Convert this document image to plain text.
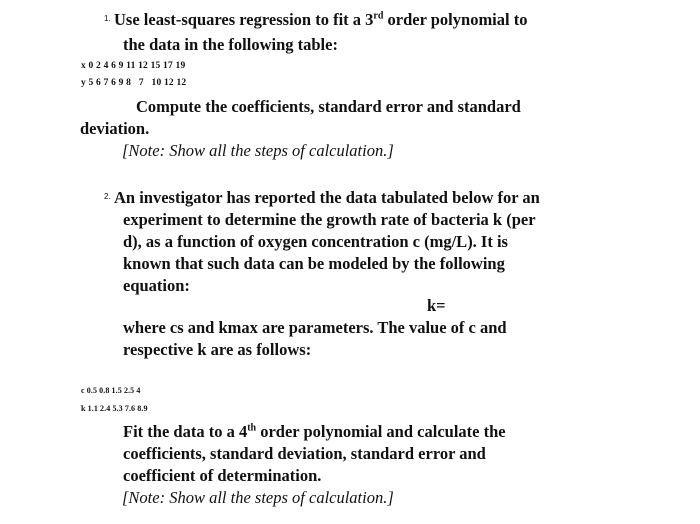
1. Use least-squares regression to fit a 3rd order polynomial to
the data in the following table:
x 0 2 4 6 9 11 12 15 17 19
y 5 6 7 6 9 8   7   10 12 12
Compute the coefficients, standard error and standard
deviation.
[Note: Show all the steps of calculation.]
2. An investigator has reported the data tabulated below for an
experiment to determine the growth rate of bacteria k (per
d), as a function of oxygen concentration c (mg/L). It is
known that such data can be modeled by the following
equation:
k=
where cs and kmax are parameters. The value of c and
respective k are as follows:
c 0.5 0.8 1.5 2.5 4
k 1.1 2.4 5.3 7.6 8.9
Fit the data to a 4th order polynomial and calculate the
coefficients, standard deviation, standard error and
coefficient of determination.
[Note: Show all the steps of calculation.]
